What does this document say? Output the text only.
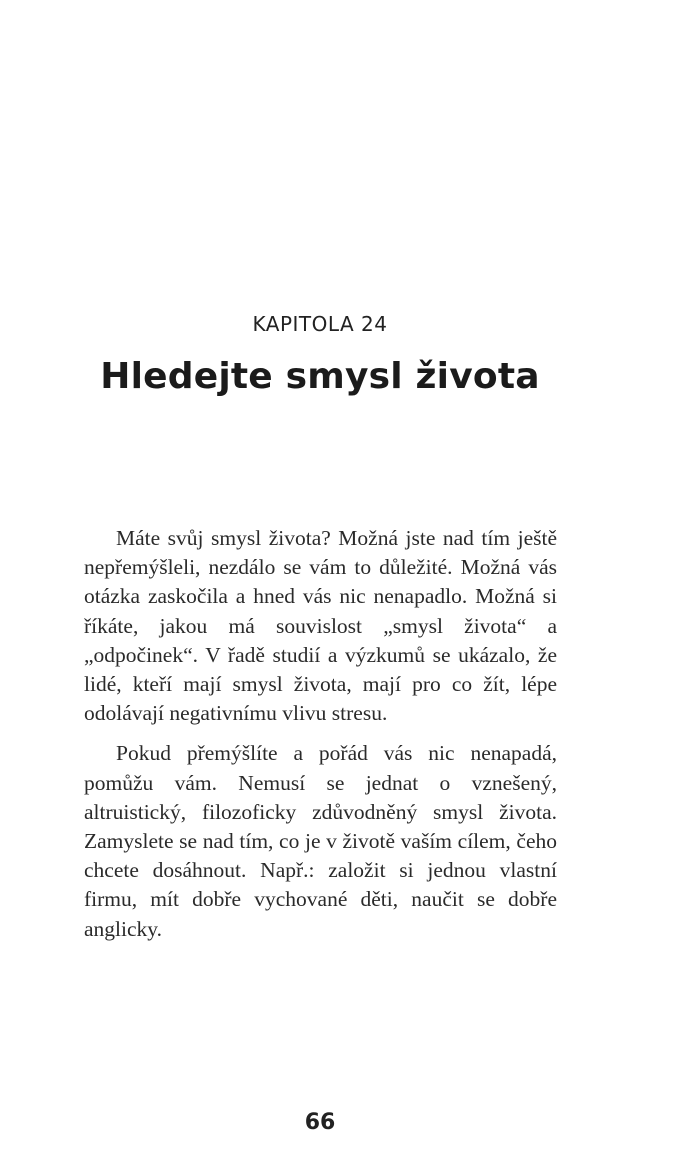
KAPITOLA 24
Hledejte smysl života

Máte svůj smysl života? Možná jste nad tím ještě nepřemýšleli, nezdálo se vám to důležité. Možná vás otázka zaskočila a hned vás nic nenapadlo. Možná si říkáte, jakou má souvislost „smysl života“ a „odpočinek“. V řadě studií a výzkumů se ukázalo, že lidé, kteří mají smysl života, mají pro co žít, lépe odolávají negativnímu vlivu stresu.

Pokud přemýšlíte a pořád vás nic nenapadá, pomůžu vám. Nemusí se jednat o vznešený, altruistický, filozoficky zdůvodněný smysl života. Zamyslete se nad tím, co je v životě vaším cílem, čeho chcete dosáhnout. Např.: založit si jednou vlastní firmu, mít dobře vychované děti, naučit se dobře anglicky.

66
